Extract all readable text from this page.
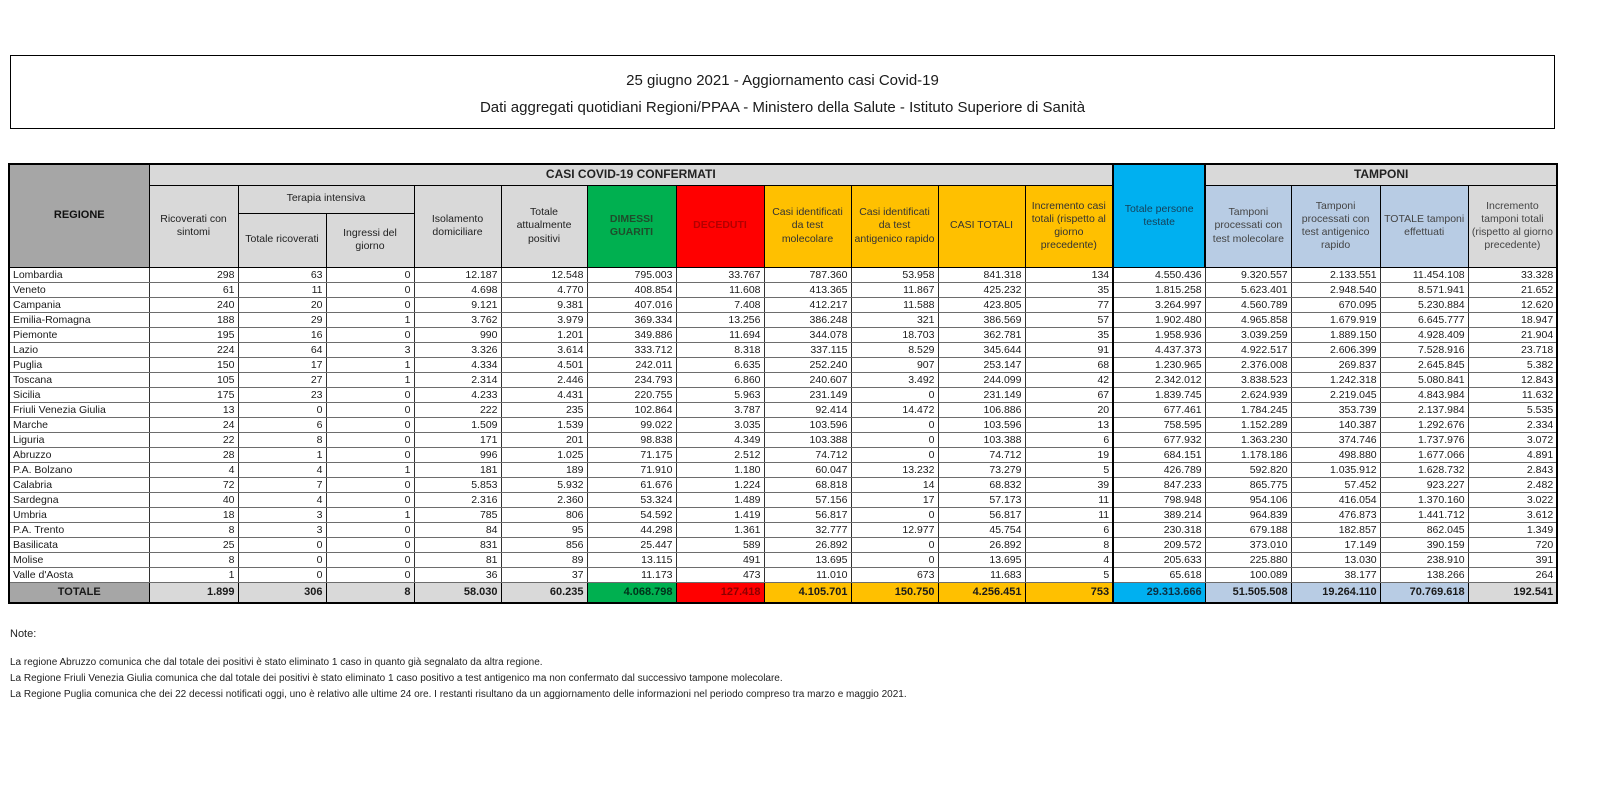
25 giugno 2021 - Aggiornamento casi Covid-19
Dati aggregati quotidiani Regioni/PPAA - Ministero della Salute - Istituto Superiore di Sanità
REGIONE	CASI COVID-19 CONFERMATI											Totale persone testate	TAMPONI			
	Ricoverati con sintomi	Terapia intensiva		Isolamento domiciliare	Totale attualmente positivi	DIMESSI GUARITI	DECEDUTI	Casi identificati da test molecolare	Casi identificati da test antigenico rapido	CASI TOTALI	Incremento casi totali (rispetto al giorno precedente)		Tamponi processati con test molecolare	Tamponi processati con test antigenico rapido	TOTALE tamponi effettuati	Incremento tamponi totali (rispetto al giorno precedente)
		Totale ricoverati	Ingressi del giorno													
Lombardia	298	63	0	12.187	12.548	795.003	33.767	787.360	53.958	841.318	134	4.550.436	9.320.557	2.133.551	11.454.108	33.328
Veneto	61	11	0	4.698	4.770	408.854	11.608	413.365	11.867	425.232	35	1.815.258	5.623.401	2.948.540	8.571.941	21.652
Campania	240	20	0	9.121	9.381	407.016	7.408	412.217	11.588	423.805	77	3.264.997	4.560.789	670.095	5.230.884	12.620
Emilia-Romagna	188	29	1	3.762	3.979	369.334	13.256	386.248	321	386.569	57	1.902.480	4.965.858	1.679.919	6.645.777	18.947
Piemonte	195	16	0	990	1.201	349.886	11.694	344.078	18.703	362.781	35	1.958.936	3.039.259	1.889.150	4.928.409	21.904
Lazio	224	64	3	3.326	3.614	333.712	8.318	337.115	8.529	345.644	91	4.437.373	4.922.517	2.606.399	7.528.916	23.718
Puglia	150	17	1	4.334	4.501	242.011	6.635	252.240	907	253.147	68	1.230.965	2.376.008	269.837	2.645.845	5.382
Toscana	105	27	1	2.314	2.446	234.793	6.860	240.607	3.492	244.099	42	2.342.012	3.838.523	1.242.318	5.080.841	12.843
Sicilia	175	23	0	4.233	4.431	220.755	5.963	231.149	0	231.149	67	1.839.745	2.624.939	2.219.045	4.843.984	11.632
Friuli Venezia Giulia	13	0	0	222	235	102.864	3.787	92.414	14.472	106.886	20	677.461	1.784.245	353.739	2.137.984	5.535
Marche	24	6	0	1.509	1.539	99.022	3.035	103.596	0	103.596	13	758.595	1.152.289	140.387	1.292.676	2.334
Liguria	22	8	0	171	201	98.838	4.349	103.388	0	103.388	6	677.932	1.363.230	374.746	1.737.976	3.072
Abruzzo	28	1	0	996	1.025	71.175	2.512	74.712	0	74.712	19	684.151	1.178.186	498.880	1.677.066	4.891
P.A. Bolzano	4	4	1	181	189	71.910	1.180	60.047	13.232	73.279	5	426.789	592.820	1.035.912	1.628.732	2.843
Calabria	72	7	0	5.853	5.932	61.676	1.224	68.818	14	68.832	39	847.233	865.775	57.452	923.227	2.482
Sardegna	40	4	0	2.316	2.360	53.324	1.489	57.156	17	57.173	11	798.948	954.106	416.054	1.370.160	3.022
Umbria	18	3	1	785	806	54.592	1.419	56.817	0	56.817	11	389.214	964.839	476.873	1.441.712	3.612
P.A. Trento	8	3	0	84	95	44.298	1.361	32.777	12.977	45.754	6	230.318	679.188	182.857	862.045	1.349
Basilicata	25	0	0	831	856	25.447	589	26.892	0	26.892	8	209.572	373.010	17.149	390.159	720
Molise	8	0	0	81	89	13.115	491	13.695	0	13.695	4	205.633	225.880	13.030	238.910	391
Valle d'Aosta	1	0	0	36	37	11.173	473	11.010	673	11.683	5	65.618	100.089	38.177	138.266	264
TOTALE	1.899	306	8	58.030	60.235	4.068.798	127.418	4.105.701	150.750	4.256.451	753	29.313.666	51.505.508	19.264.110	70.769.618	192.541
Note:
La regione Abruzzo comunica che dal totale dei positivi è stato eliminato 1 caso in quanto già segnalato da altra regione.
La Regione Friuli Venezia Giulia comunica che dal totale dei positivi è stato eliminato 1 caso positivo a test antigenico ma non confermato dal successivo tampone molecolare.
La Regione Puglia comunica che dei 22 decessi notificati oggi, uno è relativo alle ultime 24 ore. I restanti risultano da un aggiornamento delle informazioni nel periodo compreso tra marzo e maggio 2021.
